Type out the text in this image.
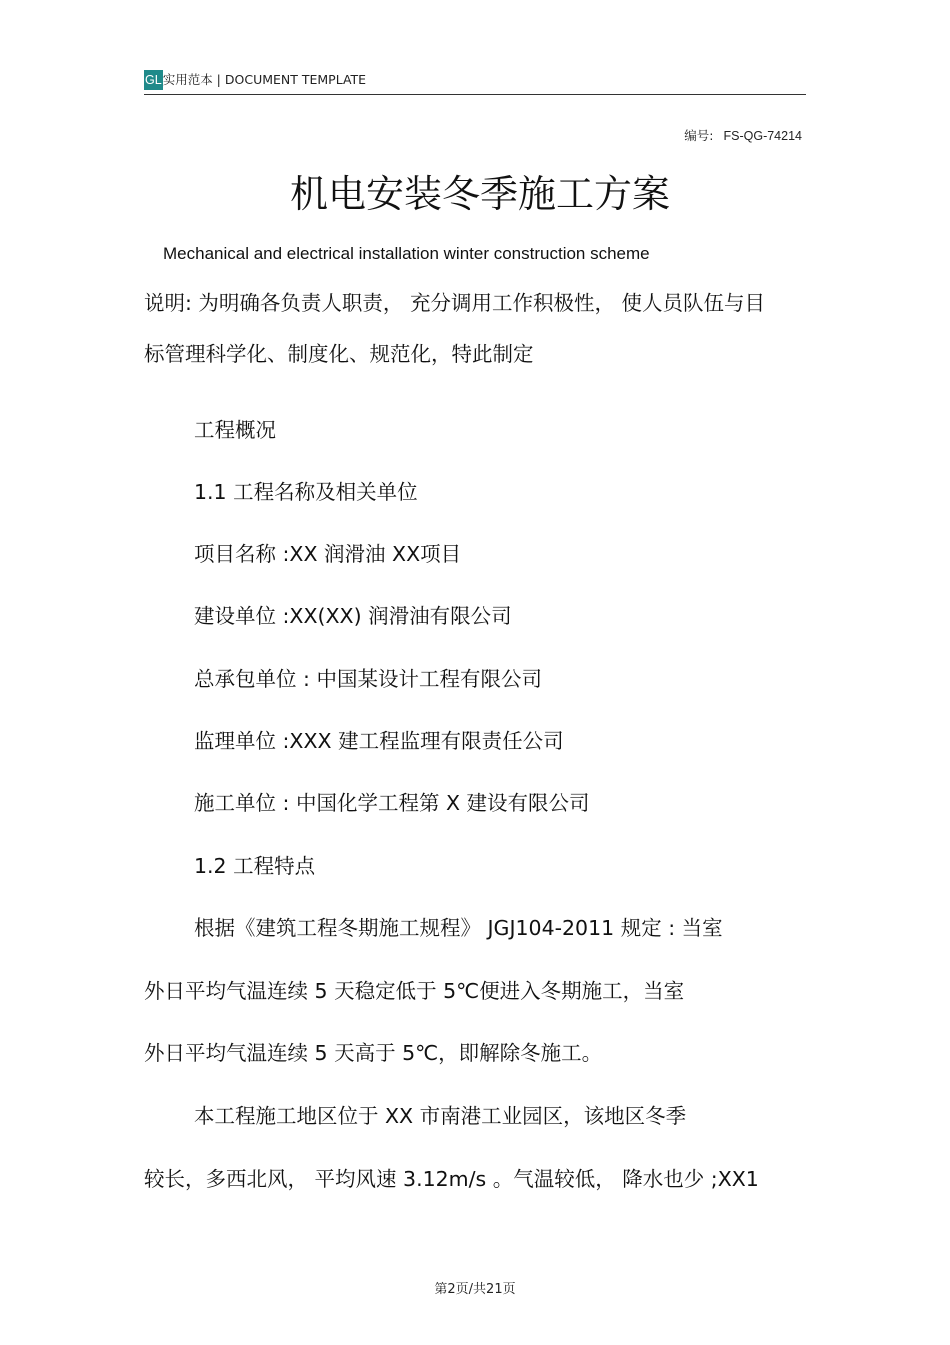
GL实用范本 | DOCUMENT TEMPLATE
编号: FS-QG-74214
机电安装冬季施工方案
Mechanical and electrical installation winter construction scheme
说明: 为明确各负责人职责， 充分调用工作积极性， 使人员队伍与目
标管理科学化、制度化、规范化，特此制定
工程概况
1.1 工程名称及相关单位
项目名称 :XX 润滑油 XX项目
建设单位 :XX(XX) 润滑油有限公司
总承包单位 : 中国某设计工程有限公司
监理单位 :XXX 建工程监理有限责任公司
施工单位 : 中国化学工程第 X 建设有限公司
1.2 工程特点
根据《建筑工程冬期施工规程》 JGJ104-2011 规定 : 当室
外日平均气温连续 5 天稳定低于 5℃便进入冬期施工，当室
外日平均气温连续 5 天高于 5℃，即解除冬施工。
本工程施工地区位于 XX 市南港工业园区，该地区冬季
较长，多西北风， 平均风速 3.12m/s 。气温较低， 降水也少 ;XX1
第2页/共21页
